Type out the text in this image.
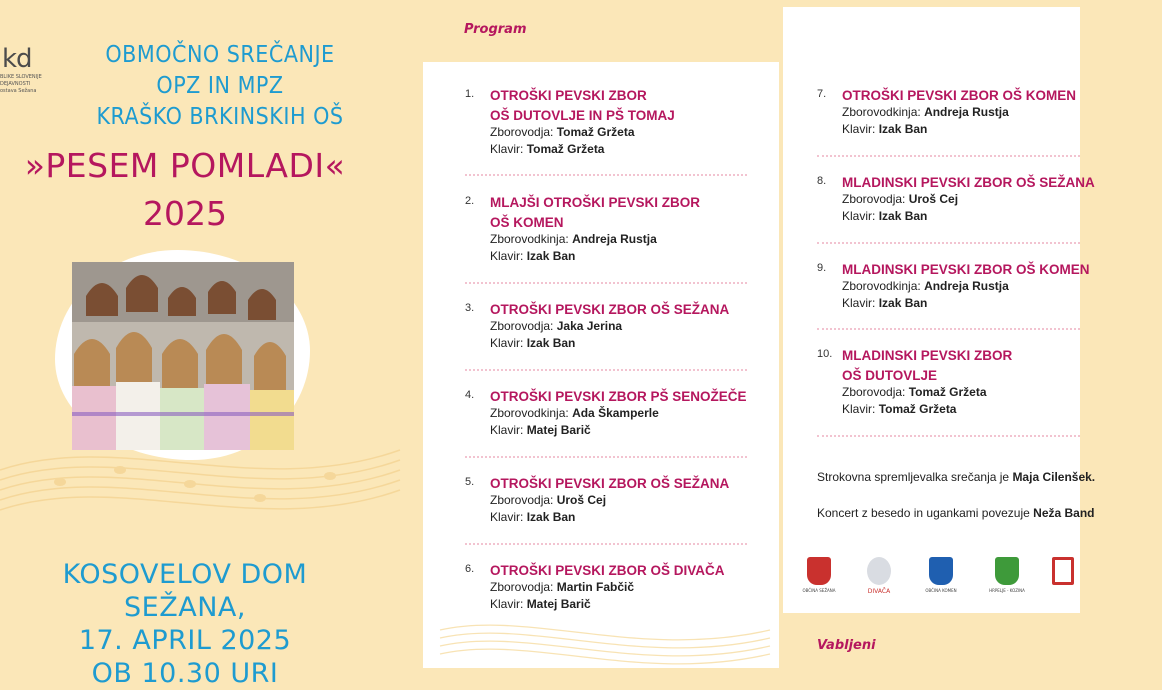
kd
BLIKE SLOVENIJE
DEJAVNOSTI
ostava Sežana
OBMOČNO SREČANJE
OPZ IN MPZ
KRAŠKO BRKINSKIH OŠ
»PESEM POMLADI«
2025
KOSOVELOV DOM SEŽANA,
17. APRIL 2025
OB 10.30 URI
Program
1. OTROŠKI PEVSKI ZBOR
OŠ DUTOVLJE IN PŠ TOMAJ
Zborovodja: Tomaž Gržeta
Klavir: Tomaž Gržeta
2. MLAJŠI OTROŠKI PEVSKI ZBOR
OŠ KOMEN
Zborovodkinja: Andreja Rustja
Klavir: Izak Ban
3. OTROŠKI PEVSKI ZBOR OŠ SEŽANA
Zborovodja: Jaka Jerina
Klavir: Izak Ban
4. OTROŠKI PEVSKI ZBOR PŠ SENOŽEČE
Zborovodkinja: Ada Škamperle
Klavir: Matej Barič
5. OTROŠKI PEVSKI ZBOR OŠ SEŽANA
Zborovodja: Uroš Cej
Klavir: Izak Ban
6. OTROŠKI PEVSKI ZBOR OŠ DIVAČA
Zborovodja: Martin Fabčič
Klavir: Matej Barič
7. OTROŠKI PEVSKI ZBOR OŠ KOMEN
Zborovodkinja: Andreja Rustja
Klavir: Izak Ban
8. MLADINSKI PEVSKI ZBOR OŠ SEŽANA
Zborovodja: Uroš Cej
Klavir: Izak Ban
9. MLADINSKI PEVSKI ZBOR OŠ KOMEN
Zborovodkinja: Andreja Rustja
Klavir: Izak Ban
10. MLADINSKI PEVSKI ZBOR
OŠ DUTOVLJE
Zborovodja: Tomaž Gržeta
Klavir: Tomaž Gržeta
Strokovna spremljevalka srečanja je Maja Cilenšek.
Koncert z besedo in ugankami povezuje Neža Band
OBČINA SEŽANA	DIVAČA	OBČINA KOMEN	HRPELJE - KOZINA
Vabljeni
